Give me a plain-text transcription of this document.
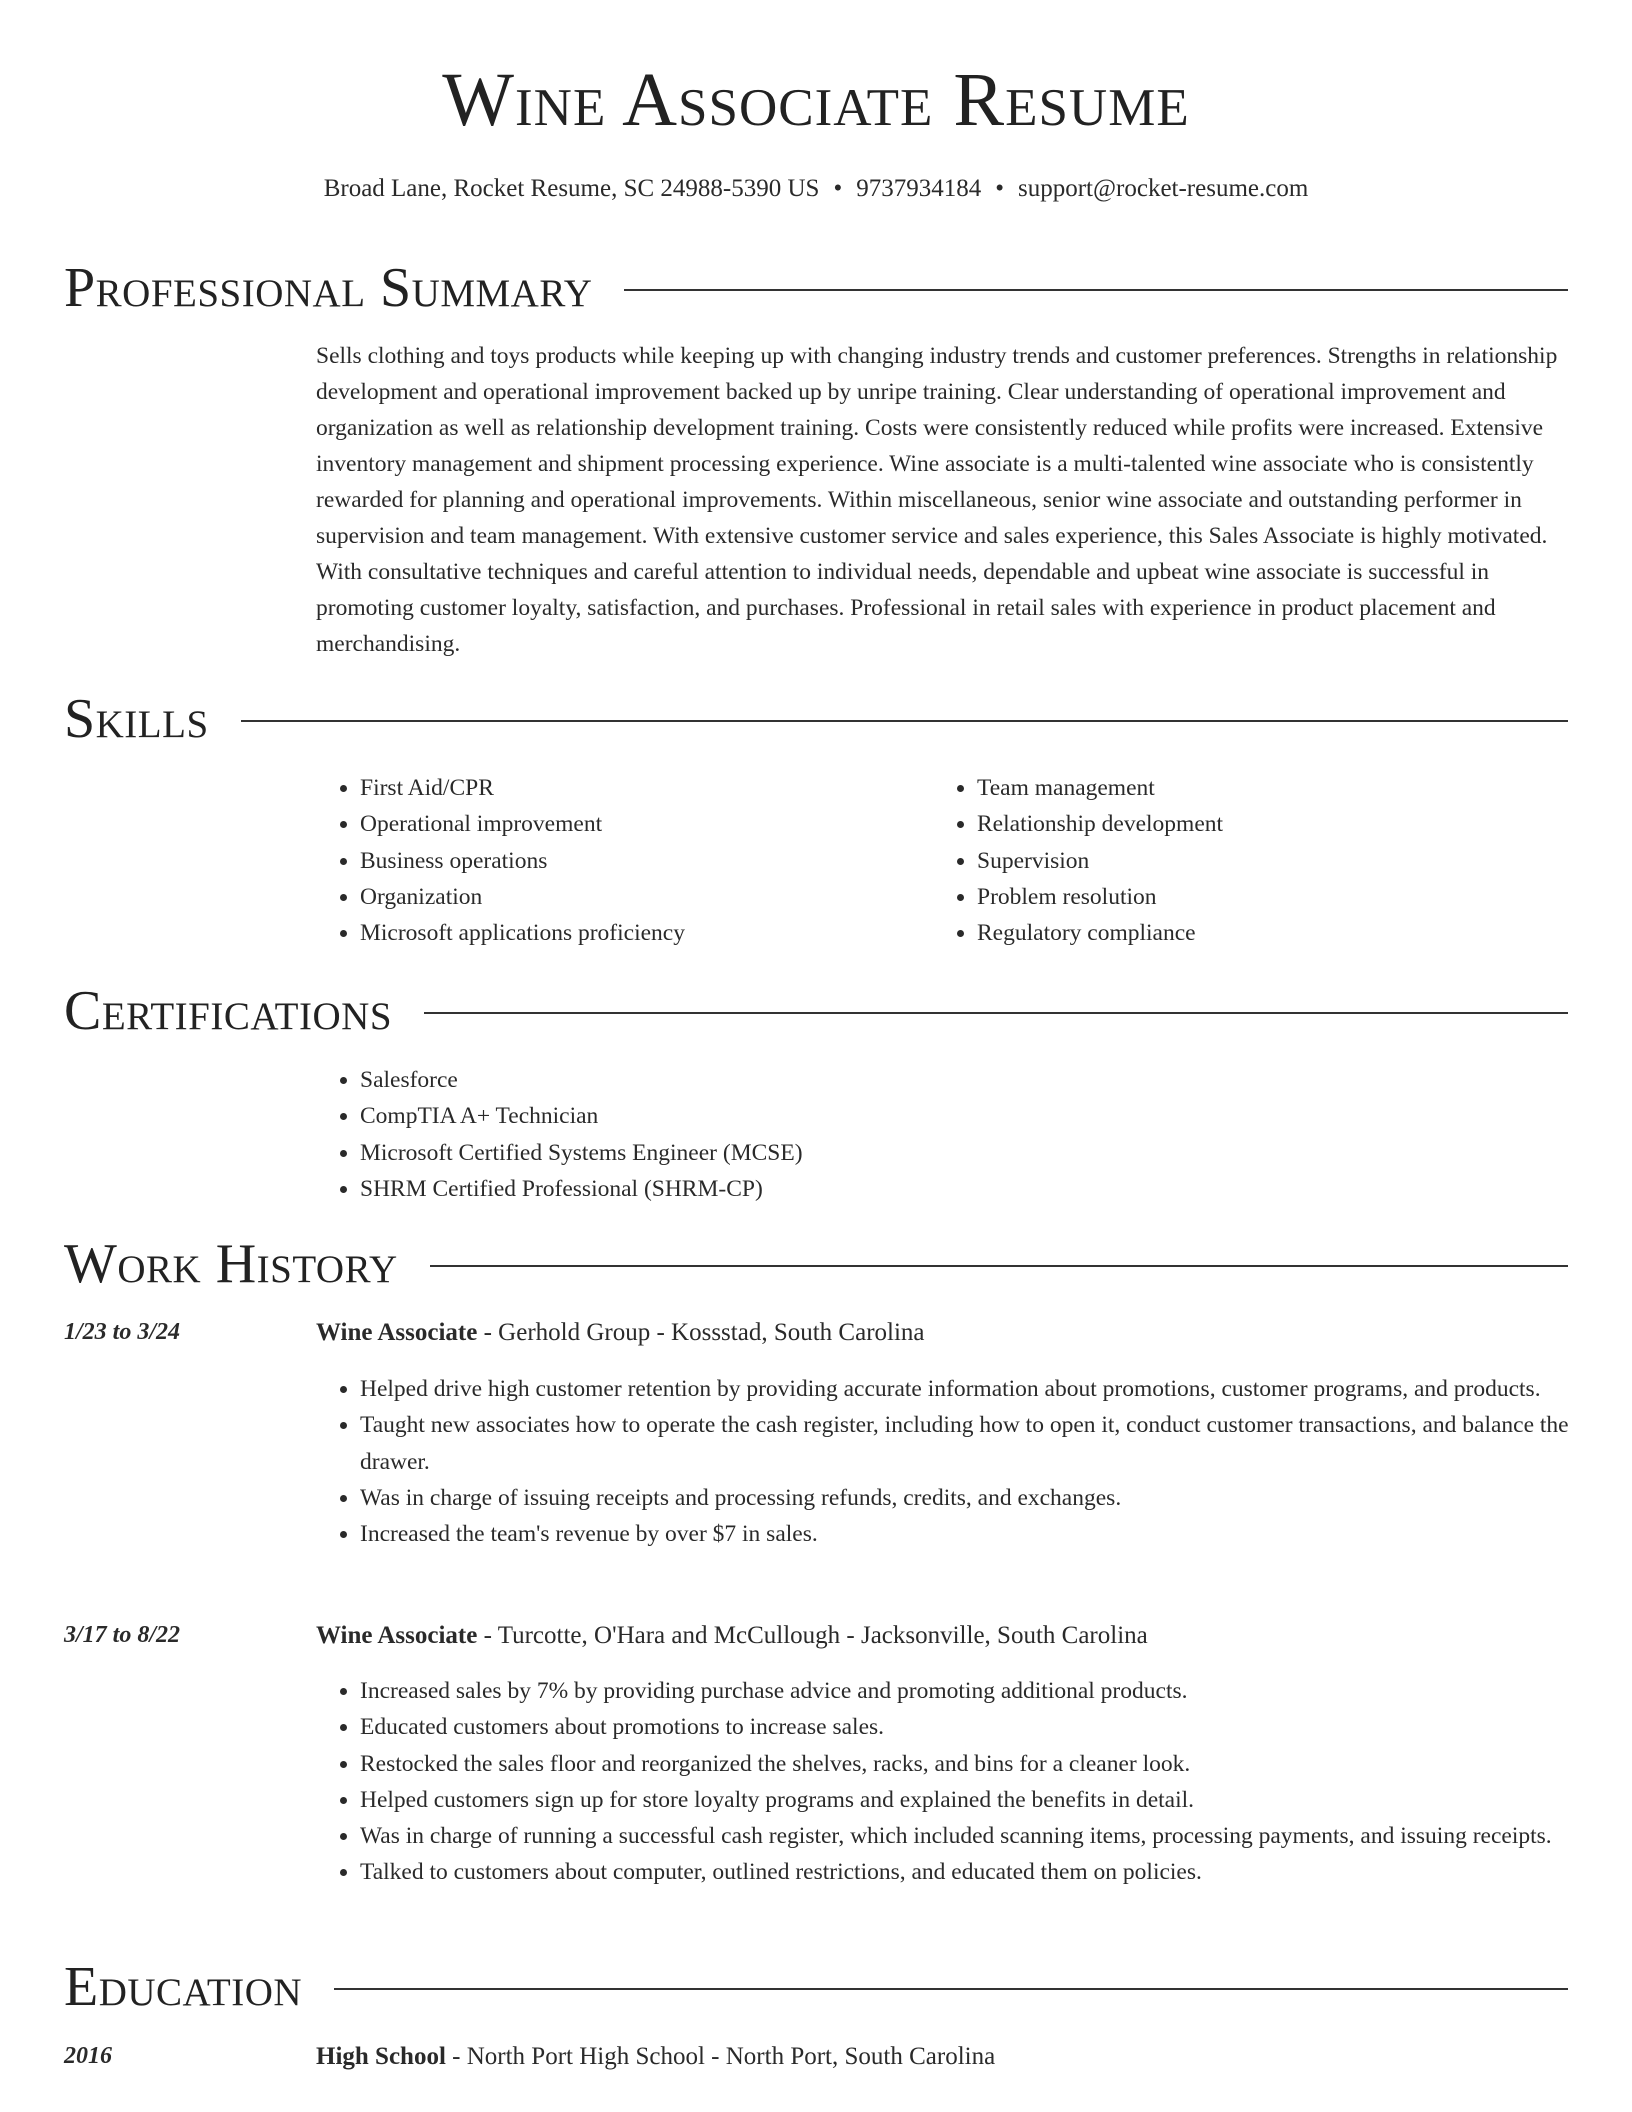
Wine Associate Resume
Broad Lane, Rocket Resume, SC 24988-5390 US • 9737934184 • support@rocket-resume.com
Professional Summary

Sells clothing and toys products while keeping up with changing industry trends and customer preferences. Strengths in relationship development and operational improvement backed up by unripe training. Clear understanding of operational improvement and organization as well as relationship development training. Costs were consistently reduced while profits were increased. Extensive inventory management and shipment processing experience. Wine associate is a multi-talented wine associate who is consistently rewarded for planning and operational improvements. Within miscellaneous, senior wine associate and outstanding performer in supervision and team management. With extensive customer service and sales experience, this Sales Associate is highly motivated. With consultative techniques and careful attention to individual needs, dependable and upbeat wine associate is successful in promoting customer loyalty, satisfaction, and purchases. Professional in retail sales with experience in product placement and merchandising.

Skills
• First Aid/CPR
• Operational improvement
• Business operations
• Organization
• Microsoft applications proficiency
• Team management
• Relationship development
• Supervision
• Problem resolution
• Regulatory compliance
Certifications
• Salesforce
• CompTIA A+ Technician
• Microsoft Certified Systems Engineer (MCSE)
• SHRM Certified Professional (SHRM-CP)
Work History
1/23 to 3/24	Wine Associate - Gerhold Group - Kossstad, South Carolina
• Helped drive high customer retention by providing accurate information about promotions, customer programs, and products.
• Taught new associates how to operate the cash register, including how to open it, conduct customer transactions, and balance the drawer.
• Was in charge of issuing receipts and processing refunds, credits, and exchanges.
• Increased the team's revenue by over $7 in sales.
3/17 to 8/22	Wine Associate - Turcotte, O'Hara and McCullough - Jacksonville, South Carolina
• Increased sales by 7% by providing purchase advice and promoting additional products.
• Educated customers about promotions to increase sales.
• Restocked the sales floor and reorganized the shelves, racks, and bins for a cleaner look.
• Helped customers sign up for store loyalty programs and explained the benefits in detail.
• Was in charge of running a successful cash register, which included scanning items, processing payments, and issuing receipts.
• Talked to customers about computer, outlined restrictions, and educated them on policies.
Education
2016	High School - North Port High School - North Port, South Carolina
